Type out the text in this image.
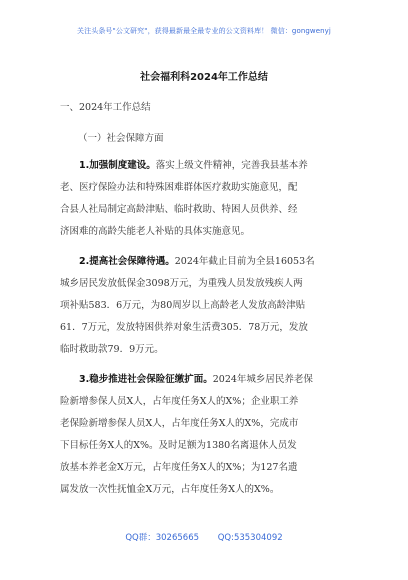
关注头条号"公文研究"，获得最新最全最专业的公文资料库！ 微信：gongwenyj
社会福利科2024年工作总结
一、2024年工作总结
（一）社会保障方面
1.加强制度建设。落实上级文件精神，完善我县基本养
老、医疗保险办法和特殊困难群体医疗救助实施意见，配
合县人社局制定高龄津贴、临时救助、特困人员供养、经
济困难的高龄失能老人补贴的具体实施意见。
2.提高社会保障待遇。2024年截止目前为全县16053名
城乡居民发放低保金3098万元，为重残人员发放残疾人两
项补贴583．6万元，为80周岁以上高龄老人发放高龄津贴
61．7万元，发放特困供养对象生活费305．78万元，发放
临时救助款79．9万元。
3.稳步推进社会保险征缴扩面。2024年城乡居民养老保
险新增参保人员X人，占年度任务X人的X%；企业职工养
老保险新增参保人员X人，占年度任务X人的X%，完成市
下目标任务X人的X%。及时足额为1380名离退休人员发
放基本养老金X万元，占年度任务X人的X%；为127名遗
属发放一次性抚恤金X万元，占年度任务X人的X%。
QQ群：30265665 QQ:535304092
